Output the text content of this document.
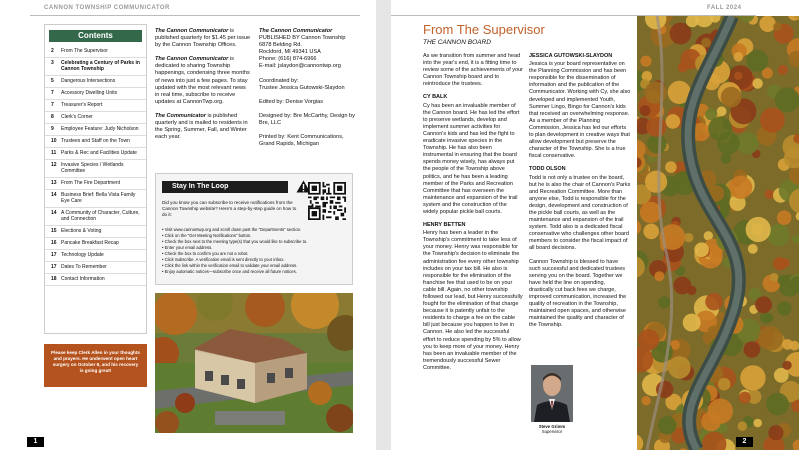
CANNON TOWNSHIP COMMUNICATOR
Contents
2	From The Supervisor
3	Celebrating a Century of Parks in Cannon Township
5	Dangerous Intersections
7	Accessory Dwelling Units
7	Treasurer's Report
8	Clerk's Corner
9	Employee Feature: Judy Nicholson
10 Trustees and Staff on the Town
11 Parks & Rec and Facilities Update
12 Invasive Species / Wetlands Committee
13 From The Fire Department
14 Business Brief: Bella Vista Family Eye Care
14 A Community of Character, Culture, and Connection
15 Elections & Voting
16 Pancake Breakfast Recap
17 Technology Update
17 Dates To Remember
18 Contact Information
Please keep Clerk Allen in your thoughts and prayers. He underwent open heart surgery on October 8, and his recovery is going great!

The Cannon Communicator is published quarterly for $1.45 per issue by the Cannon Township Offices.

The Cannon Communicator is dedicated to sharing Township happenings, condensing three months of news into just a few pages. To stay updated with the most relevant news in real time, subscribe to receive updates at CannonTwp.org.

The Communicator is published quarterly and is mailed to residents in the Spring, Summer, Fall, and Winter each year.

The Cannon Communicator
PUBLISHED BY Cannon Township
6878 Belding Rd.
Rockford, MI 49341 USA
Phone: (616) 874-6966
E-mail: jslaydon@cannontwp.org

Coordinated by:
Trustee Jessica Gutowski-Slaydon

Edited by: Denise Vorgias

Designed by: Bre McCarthy, Design by Bre, LLC

Printed by: Kent Communications, Grand Rapids, Michigan

Stay In The Loop

Did you know you can subscribe to receive notifications from the Cannon Township website? Here's a step-by-step guide on how to do it:

• Visit www.cannontwp.org and scroll down past the "Departments" section.
• Click on the "Get Meeting Notifications" button.
• Check the box next to the meeting type(s) that you would like to subscribe to.
• Enter your email address.
• Check the box to confirm you are not a robot.
• Click Subscribe. A verification email is sent directly to your inbox.
• Click the link within the verification email to validate your email address.
• Enjoy automatic notices—subscribe once and receive all future notices.
1
FALL 2024
From The Supervisor
THE CANNON BOARD

As we transition from summer and head into the year's end, it is a fitting time to review some of the achievements of your Cannon Township board and to reintroduce the trustees.

CY BALK

Cy has been an invaluable member of the Cannon board. He has led the effort to preserve wetlands, develop and implement summer activities for Cannon's kids and has led the fight to eradicate invasive species in the Township. He has also been instrumental in ensuring that the board spends money wisely, has always put the people of the Township above politics, and he has been a leading member of the Parks and Recreation Committee that has overseen the maintenance and expansion of the trail system and the construction of the widely popular pickle ball courts.

HENRY BETTEN

Henry has been a leader in the Township's commitment to take less of your money. Henry was responsible for the Township's decision to eliminate the administration fee every other township includes on your tax bill. He also is responsible for the elimination of the franchise fee that used to be on your cable bill. Again, no other township followed our lead, but Henry successfully fought for the elimination of that charge because it is patently unfair to the residents to charge a fee on the cable bill just because you happen to live in Cannon. He also led the successful effort to reduce spending by 5% to allow you to keep more of your money. Henry has been an invaluable member of the tremendously successful Sewer Committee.

JESSICA GUTOWSKI-SLAYDON

Jessica is your board representative on the Planning Commission and has been responsible for the dissemination of information and the publication of the Communicator. Working with Cy, she also developed and implemented Youth, Summer Lingo, Bingo for Cannon's kids that received an overwhelming response. As a member of the Planning Commission, Jessica has led our efforts to plan development in creative ways that allow development but preserve the character of the Township. She is a true fiscal conservative.

TODD OLSON

Todd is not only a trustee on the board, but he is also the chair of Cannon's Parks and Recreation Committee. More than anyone else, Todd is responsible for the design, development and construction of the pickle ball courts, as well as the maintenance and expansion of the trail system. Todd also is a dedicated fiscal conservative who challenges other board members to consider the fiscal impact of all board decisions.

Cannon Township is blessed to have such successful and dedicated trustees serving you on the board. Together we have held the line on spending, drastically cut back fees we charge, improved communication, increased the quality of recreation in the Township, maintained open spaces, and otherwise maintained the quality and character of the Township.

Steve Grimm
Supervisor
2
